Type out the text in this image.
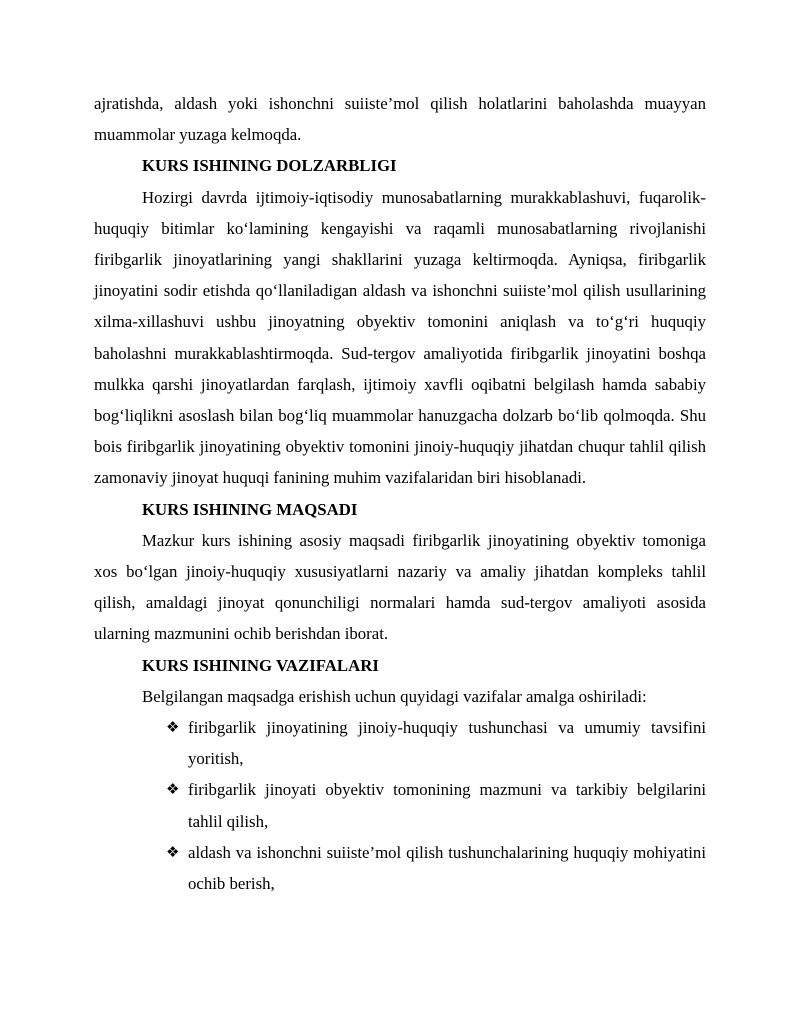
ajratishda, aldash yoki ishonchni suiiste’mol qilish holatlarini baholashda muayyan muammolar yuzaga kelmoqda.

KURS ISHINING DOLZARBLIGI

Hozirgi davrda ijtimoiy-iqtisodiy munosabatlarning murakkablashuvi, fuqarolik-huquqiy bitimlar ko‘lamining kengayishi va raqamli munosabatlarning rivojlanishi firibgarlik jinoyatlarining yangi shakllarini yuzaga keltirmoqda. Ayniqsa, firibgarlik jinoyatini sodir etishda qo‘llaniladigan aldash va ishonchni suiiste’mol qilish usullarining xilma-xillashuvi ushbu jinoyatning obyektiv tomonini aniqlash va to‘g‘ri huquqiy baholashni murakkablashtirmoqda. Sud-tergov amaliyotida firibgarlik jinoyatini boshqa mulkka qarshi jinoyatlardan farqlash, ijtimoiy xavfli oqibatni belgilash hamda sababiy bog‘liqlikni asoslash bilan bog‘liq muammolar hanuzgacha dolzarb bo‘lib qolmoqda. Shu bois firibgarlik jinoyatining obyektiv tomonini jinoiy-huquqiy jihatdan chuqur tahlil qilish zamonaviy jinoyat huquqi fanining muhim vazifalaridan biri hisoblanadi.

KURS ISHINING MAQSADI

Mazkur kurs ishining asosiy maqsadi firibgarlik jinoyatining obyektiv tomoniga xos bo‘lgan jinoiy-huquqiy xususiyatlarni nazariy va amaliy jihatdan kompleks tahlil qilish, amaldagi jinoyat qonunchiligi normalari hamda sud-tergov amaliyoti asosida ularning mazmunini ochib berishdan iborat.

KURS ISHINING VAZIFALARI

Belgilangan maqsadga erishish uchun quyidagi vazifalar amalga oshiriladi:

❖ firibgarlik jinoyatining jinoiy-huquqiy tushunchasi va umumiy tavsifini yoritish,
❖ firibgarlik jinoyati obyektiv tomonining mazmuni va tarkibiy belgilarini tahlil qilish,
❖ aldash va ishonchni suiiste’mol qilish tushunchalarining huquqiy mohiyatini ochib berish,
